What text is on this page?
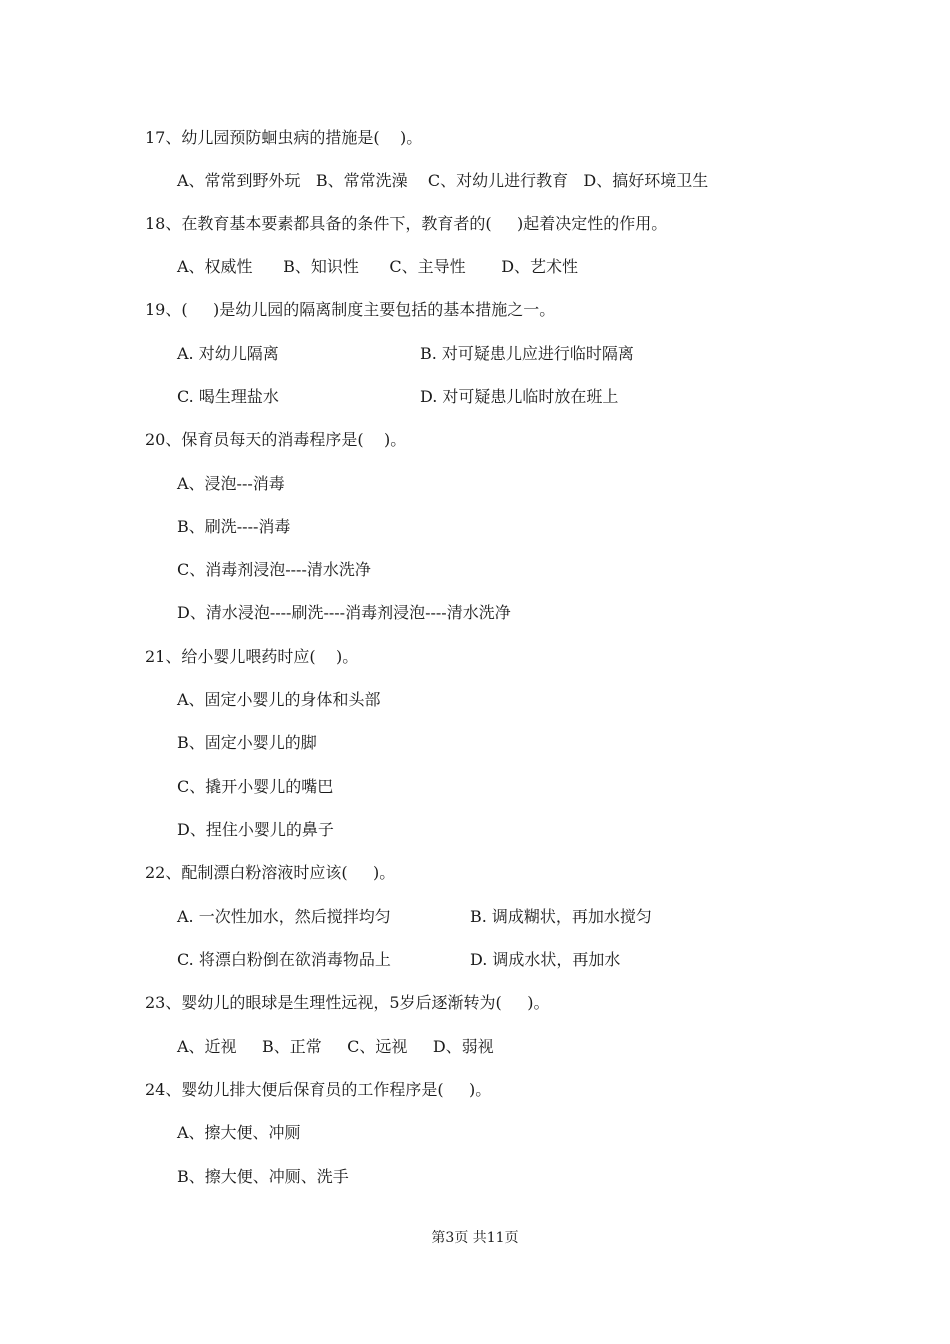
17、幼儿园预防蛔虫病的措施是(    )。
A、常常到野外玩   B、常常洗澡    C、对幼儿进行教育   D、搞好环境卫生
18、在教育基本要素都具备的条件下，教育者的(     )起着决定性的作用。
A、权威性      B、知识性      C、主导性       D、艺术性
19、(     )是幼儿园的隔离制度主要包括的基本措施之一。
A. 对幼儿隔离	B. 对可疑患儿应进行临时隔离
C. 喝生理盐水	D. 对可疑患儿临时放在班上
20、保育员每天的消毒程序是(    )。
A、浸泡---消毒
B、刷洗----消毒
C、消毒剂浸泡----清水洗净
D、清水浸泡----刷洗----消毒剂浸泡----清水洗净
21、给小婴儿喂药时应(    )。
A、固定小婴儿的身体和头部
B、固定小婴儿的脚
C、撬开小婴儿的嘴巴
D、捏住小婴儿的鼻子
22、配制漂白粉溶液时应该(     )。
A. 一次性加水，然后搅拌均匀	B. 调成糊状，再加水搅匀
C. 将漂白粉倒在欲消毒物品上	D. 调成水状，再加水
23、婴幼儿的眼球是生理性远视，5岁后逐渐转为(     )。
A、近视     B、正常     C、远视     D、弱视
24、婴幼儿排大便后保育员的工作程序是(     )。
A、擦大便、冲厕
B、擦大便、冲厕、洗手
第3页 共11页
